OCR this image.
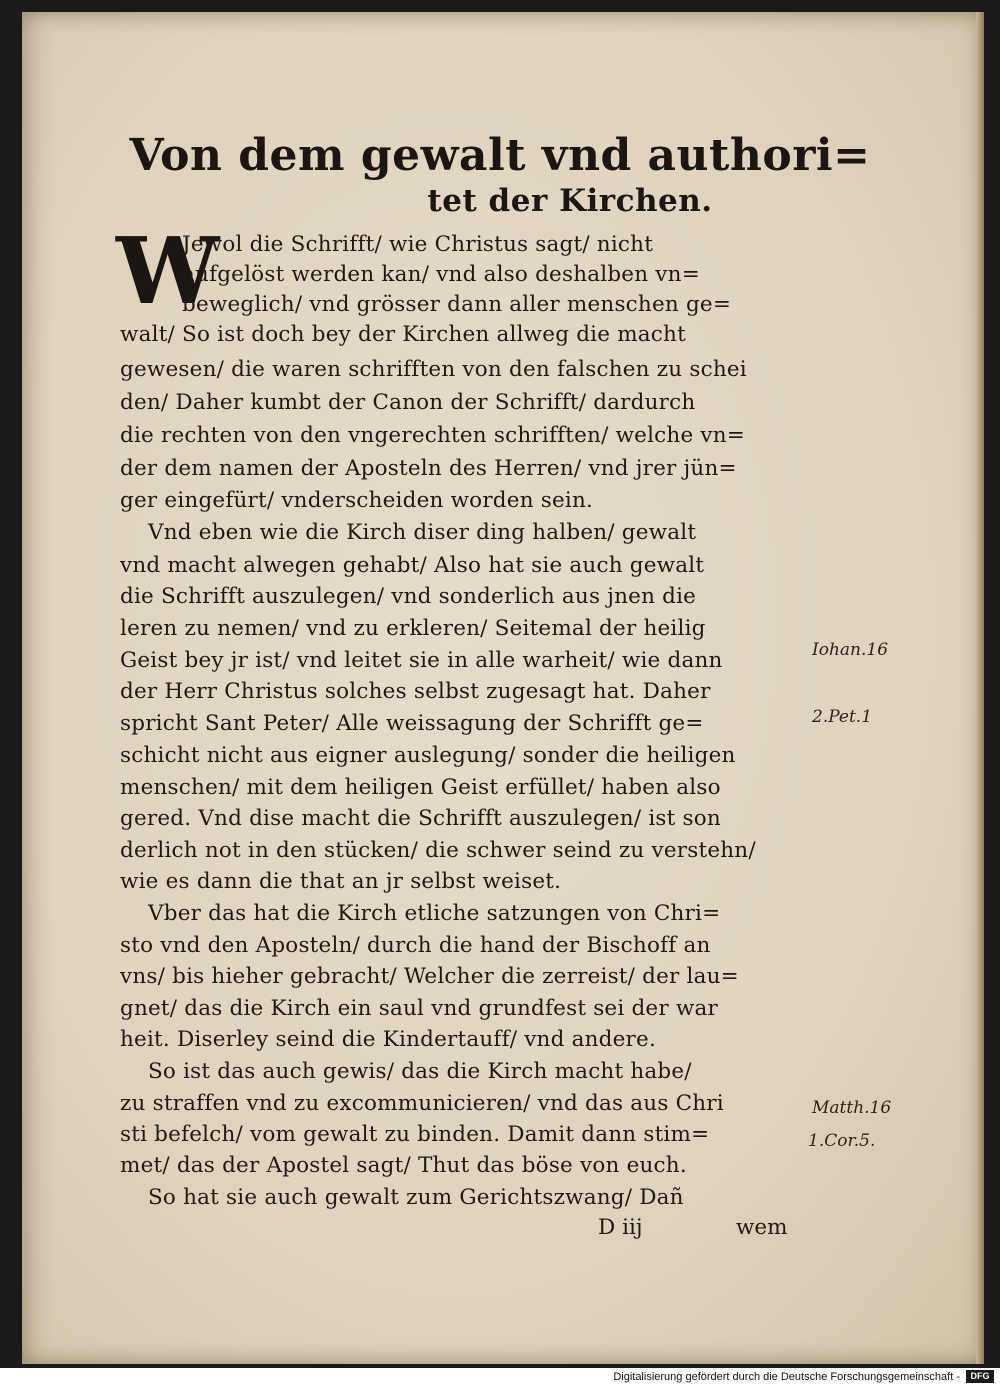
Von dem gewalt vnd authori=
tet der Kirchen.
W
Jewol die Schrifft/ wie Christus sagt/ nicht
aufgelöst werden kan/ vnd also deshalben vn=
beweglich/ vnd grösser dann aller menschen ge=
walt/ So ist doch bey der Kirchen allweg die macht
gewesen/ die waren schrifften von den falschen zu schei
den/ Daher kumbt der Canon der Schrifft/ dardurch
die rechten von den vngerechten schrifften/ welche vn=
der dem namen der Aposteln des Herren/ vnd jrer jün=
ger eingefürt/ vnderscheiden worden sein.
Vnd eben wie die Kirch diser ding halben/ gewalt
vnd macht alwegen gehabt/ Also hat sie auch gewalt
die Schrifft auszulegen/ vnd sonderlich aus jnen die
leren zu nemen/ vnd zu erkleren/ Seitemal der heilig
Geist bey jr ist/ vnd leitet sie in alle warheit/ wie dann
der Herr Christus solches selbst zugesagt hat. Daher
spricht Sant Peter/ Alle weissagung der Schrifft ge=
schicht nicht aus eigner auslegung/ sonder die heiligen
menschen/ mit dem heiligen Geist erfüllet/ haben also
gered. Vnd dise macht die Schrifft auszulegen/ ist son
derlich not in den stücken/ die schwer seind zu verstehn/
wie es dann die that an jr selbst weiset.
Vber das hat die Kirch etliche satzungen von Chri=
sto vnd den Aposteln/ durch die hand der Bischoff an
vns/ bis hieher gebracht/ Welcher die zerreist/ der lau=
gnet/ das die Kirch ein saul vnd grundfest sei der war
heit. Diserley seind die Kindertauff/ vnd andere.
So ist das auch gewis/ das die Kirch macht habe/
zu straffen vnd zu excommunicieren/ vnd das aus Chri
sti befelch/ vom gewalt zu binden. Damit dann stim=
met/ das der Apostel sagt/ Thut das böse von euch.
So hat sie auch gewalt zum Gerichtszwang/ Dañ
Iohan.16
2.Pet.1
Matth.16
1.Cor.5.
D iij	wem
Digitalisierung gefördert durch die Deutsche Forschungsgemeinschaft -	DFG
